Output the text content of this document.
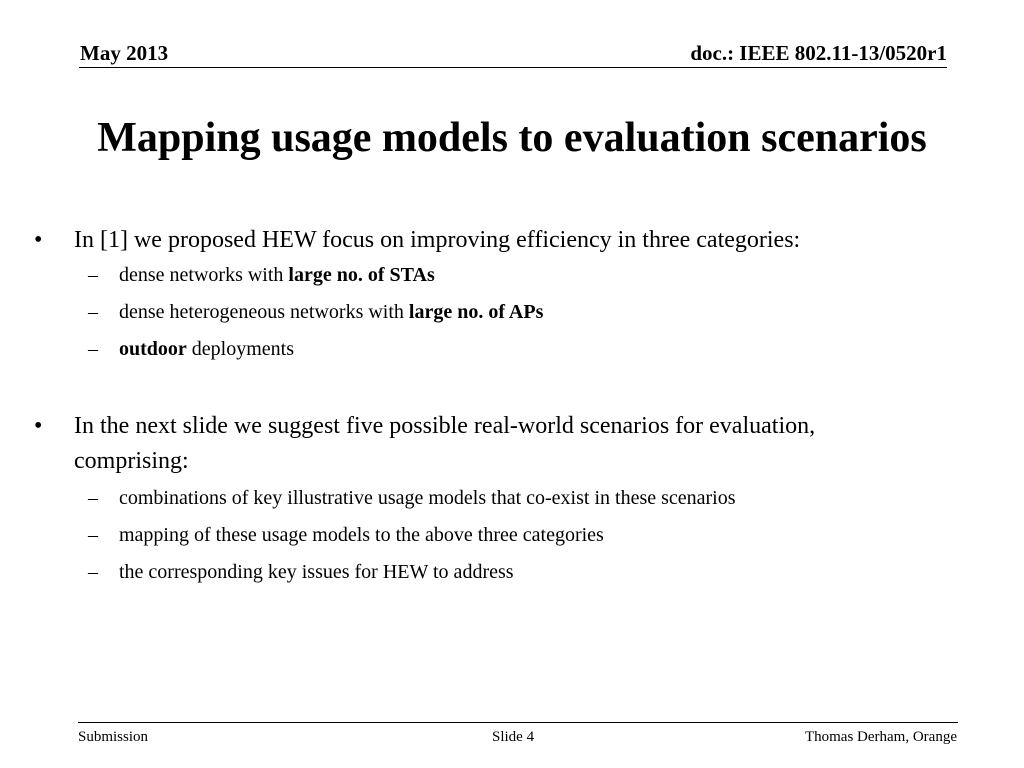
May 2013	doc.: IEEE 802.11-13/0520r1
Mapping usage models to evaluation scenarios
• In [1] we proposed HEW focus on improving efficiency in three categories:
– dense networks with large no. of STAs
– dense heterogeneous networks with large no. of APs
– outdoor deployments
• In the next slide we suggest five possible real-world scenarios for evaluation,
comprising:
– combinations of key illustrative usage models that co-exist in these scenarios
– mapping of these usage models to the above three categories
– the corresponding key issues for HEW to address
Submission	Slide 4	Thomas Derham, Orange
